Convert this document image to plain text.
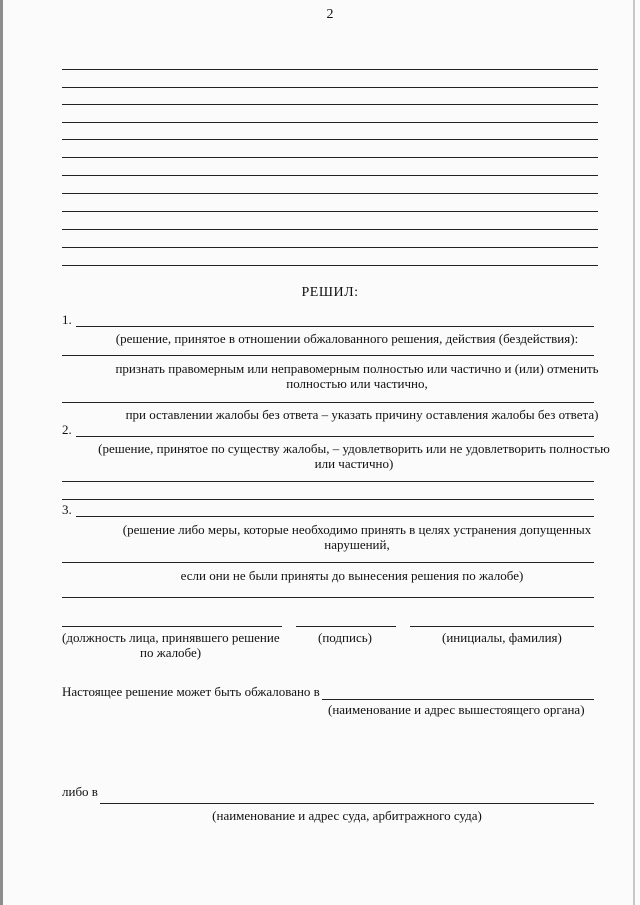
2
РЕШИЛ:
1.
(решение, принятое в отношении обжалованного решения, действия (бездействия):
признать правомерным или неправомерным полностью или частично и (или) отменить
полностью или частично,
при оставлении жалобы без ответа – указать причину оставления жалобы без ответа)
2.
(решение, принятое по существу жалобы, – удовлетворить или не удовлетворить полностью
или частично)
3.
(решение либо меры, которые необходимо принять в целях устранения допущенных
нарушений,
если они не были приняты до вынесения решения по жалобе)
(должность лица, принявшего решение
по жалобе)
(подпись)	(инициалы, фамилия)
Настоящее решение может быть обжаловано в
(наименование и адрес вышестоящего органа)
либо в
(наименование и адрес суда, арбитражного суда)
